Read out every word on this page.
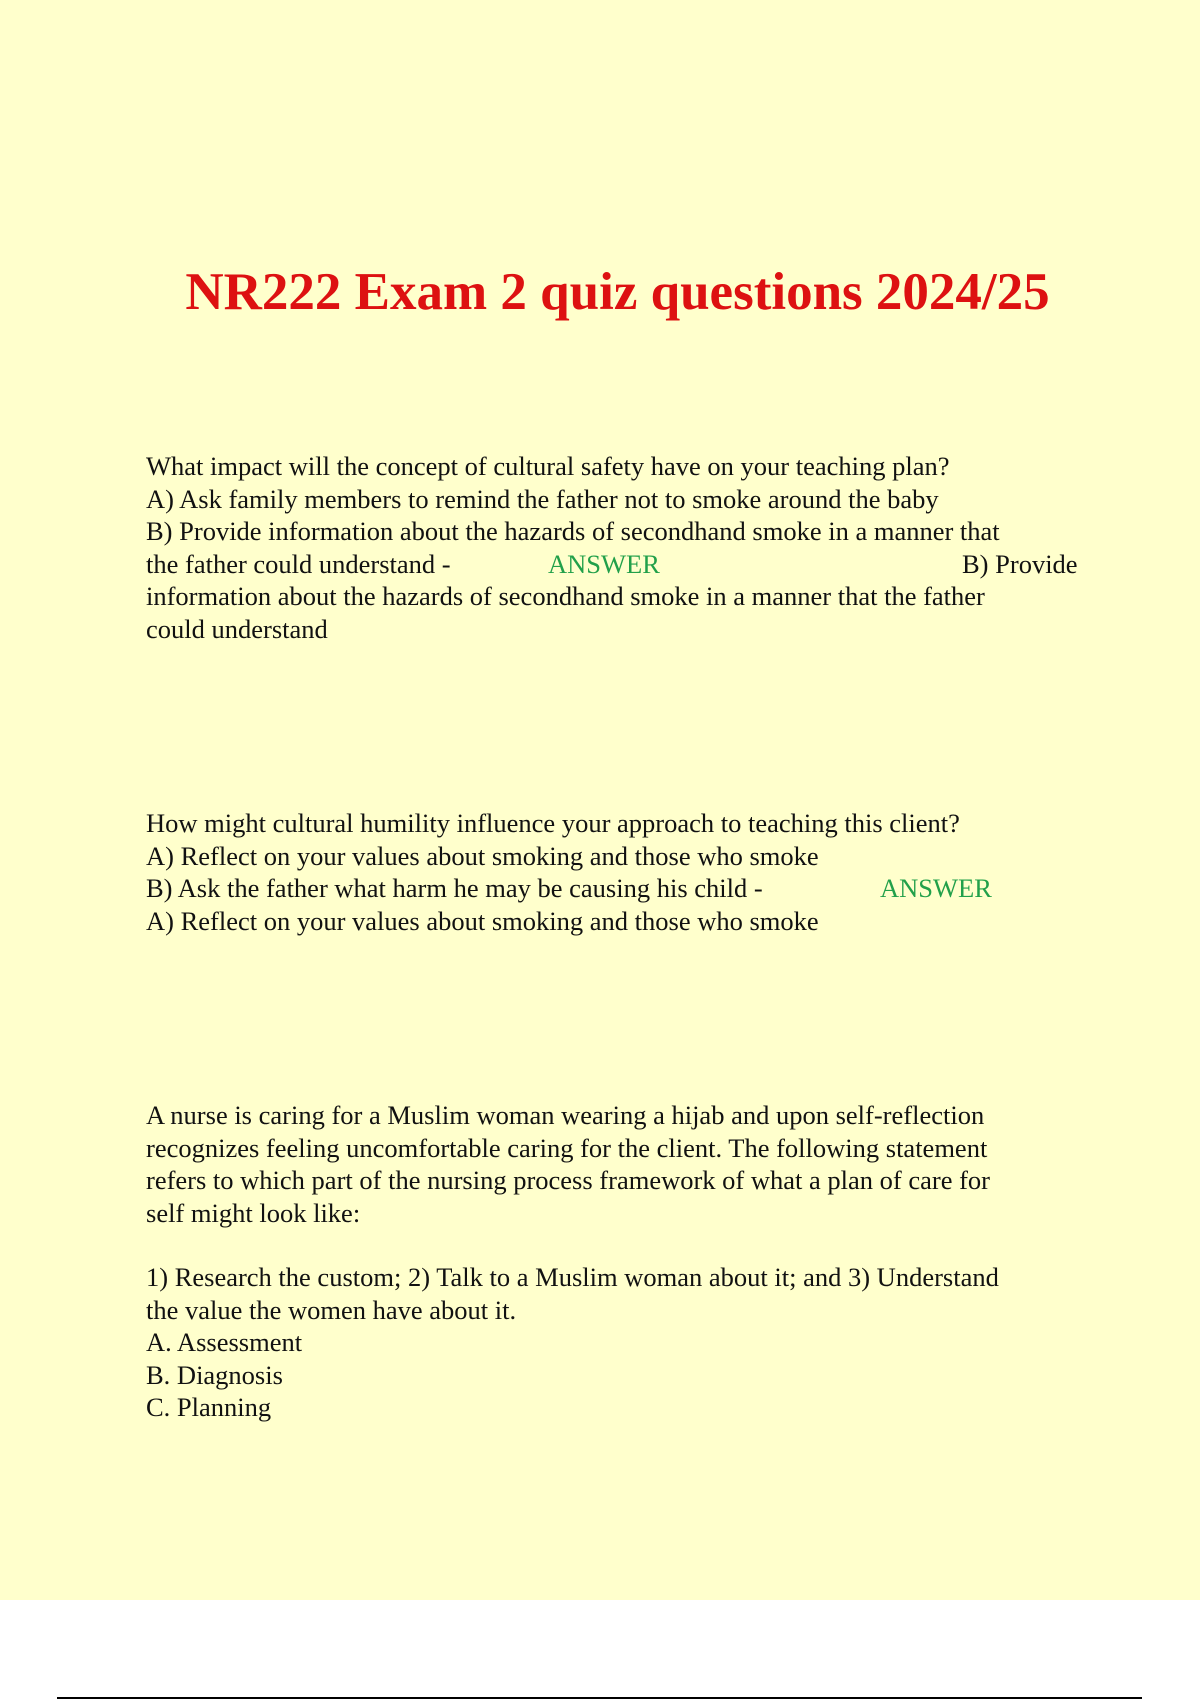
NR222 Exam 2 quiz questions 2024/25
What impact will the concept of cultural safety have on your teaching plan?
A) Ask family members to remind the father not to smoke around the baby
B) Provide information about the hazards of secondhand smoke in a manner that
the father could understand -	ANSWER	B) Provide
information about the hazards of secondhand smoke in a manner that the father
could understand
How might cultural humility influence your approach to teaching this client?
A) Reflect on your values about smoking and those who smoke
B) Ask the father what harm he may be causing his child -	ANSWER
A) Reflect on your values about smoking and those who smoke
A nurse is caring for a Muslim woman wearing a hijab and upon self-reflection
recognizes feeling uncomfortable caring for the client. The following statement
refers to which part of the nursing process framework of what a plan of care for
self might look like:
1) Research the custom; 2) Talk to a Muslim woman about it; and 3) Understand
the value the women have about it.
A. Assessment
B. Diagnosis
C. Planning
